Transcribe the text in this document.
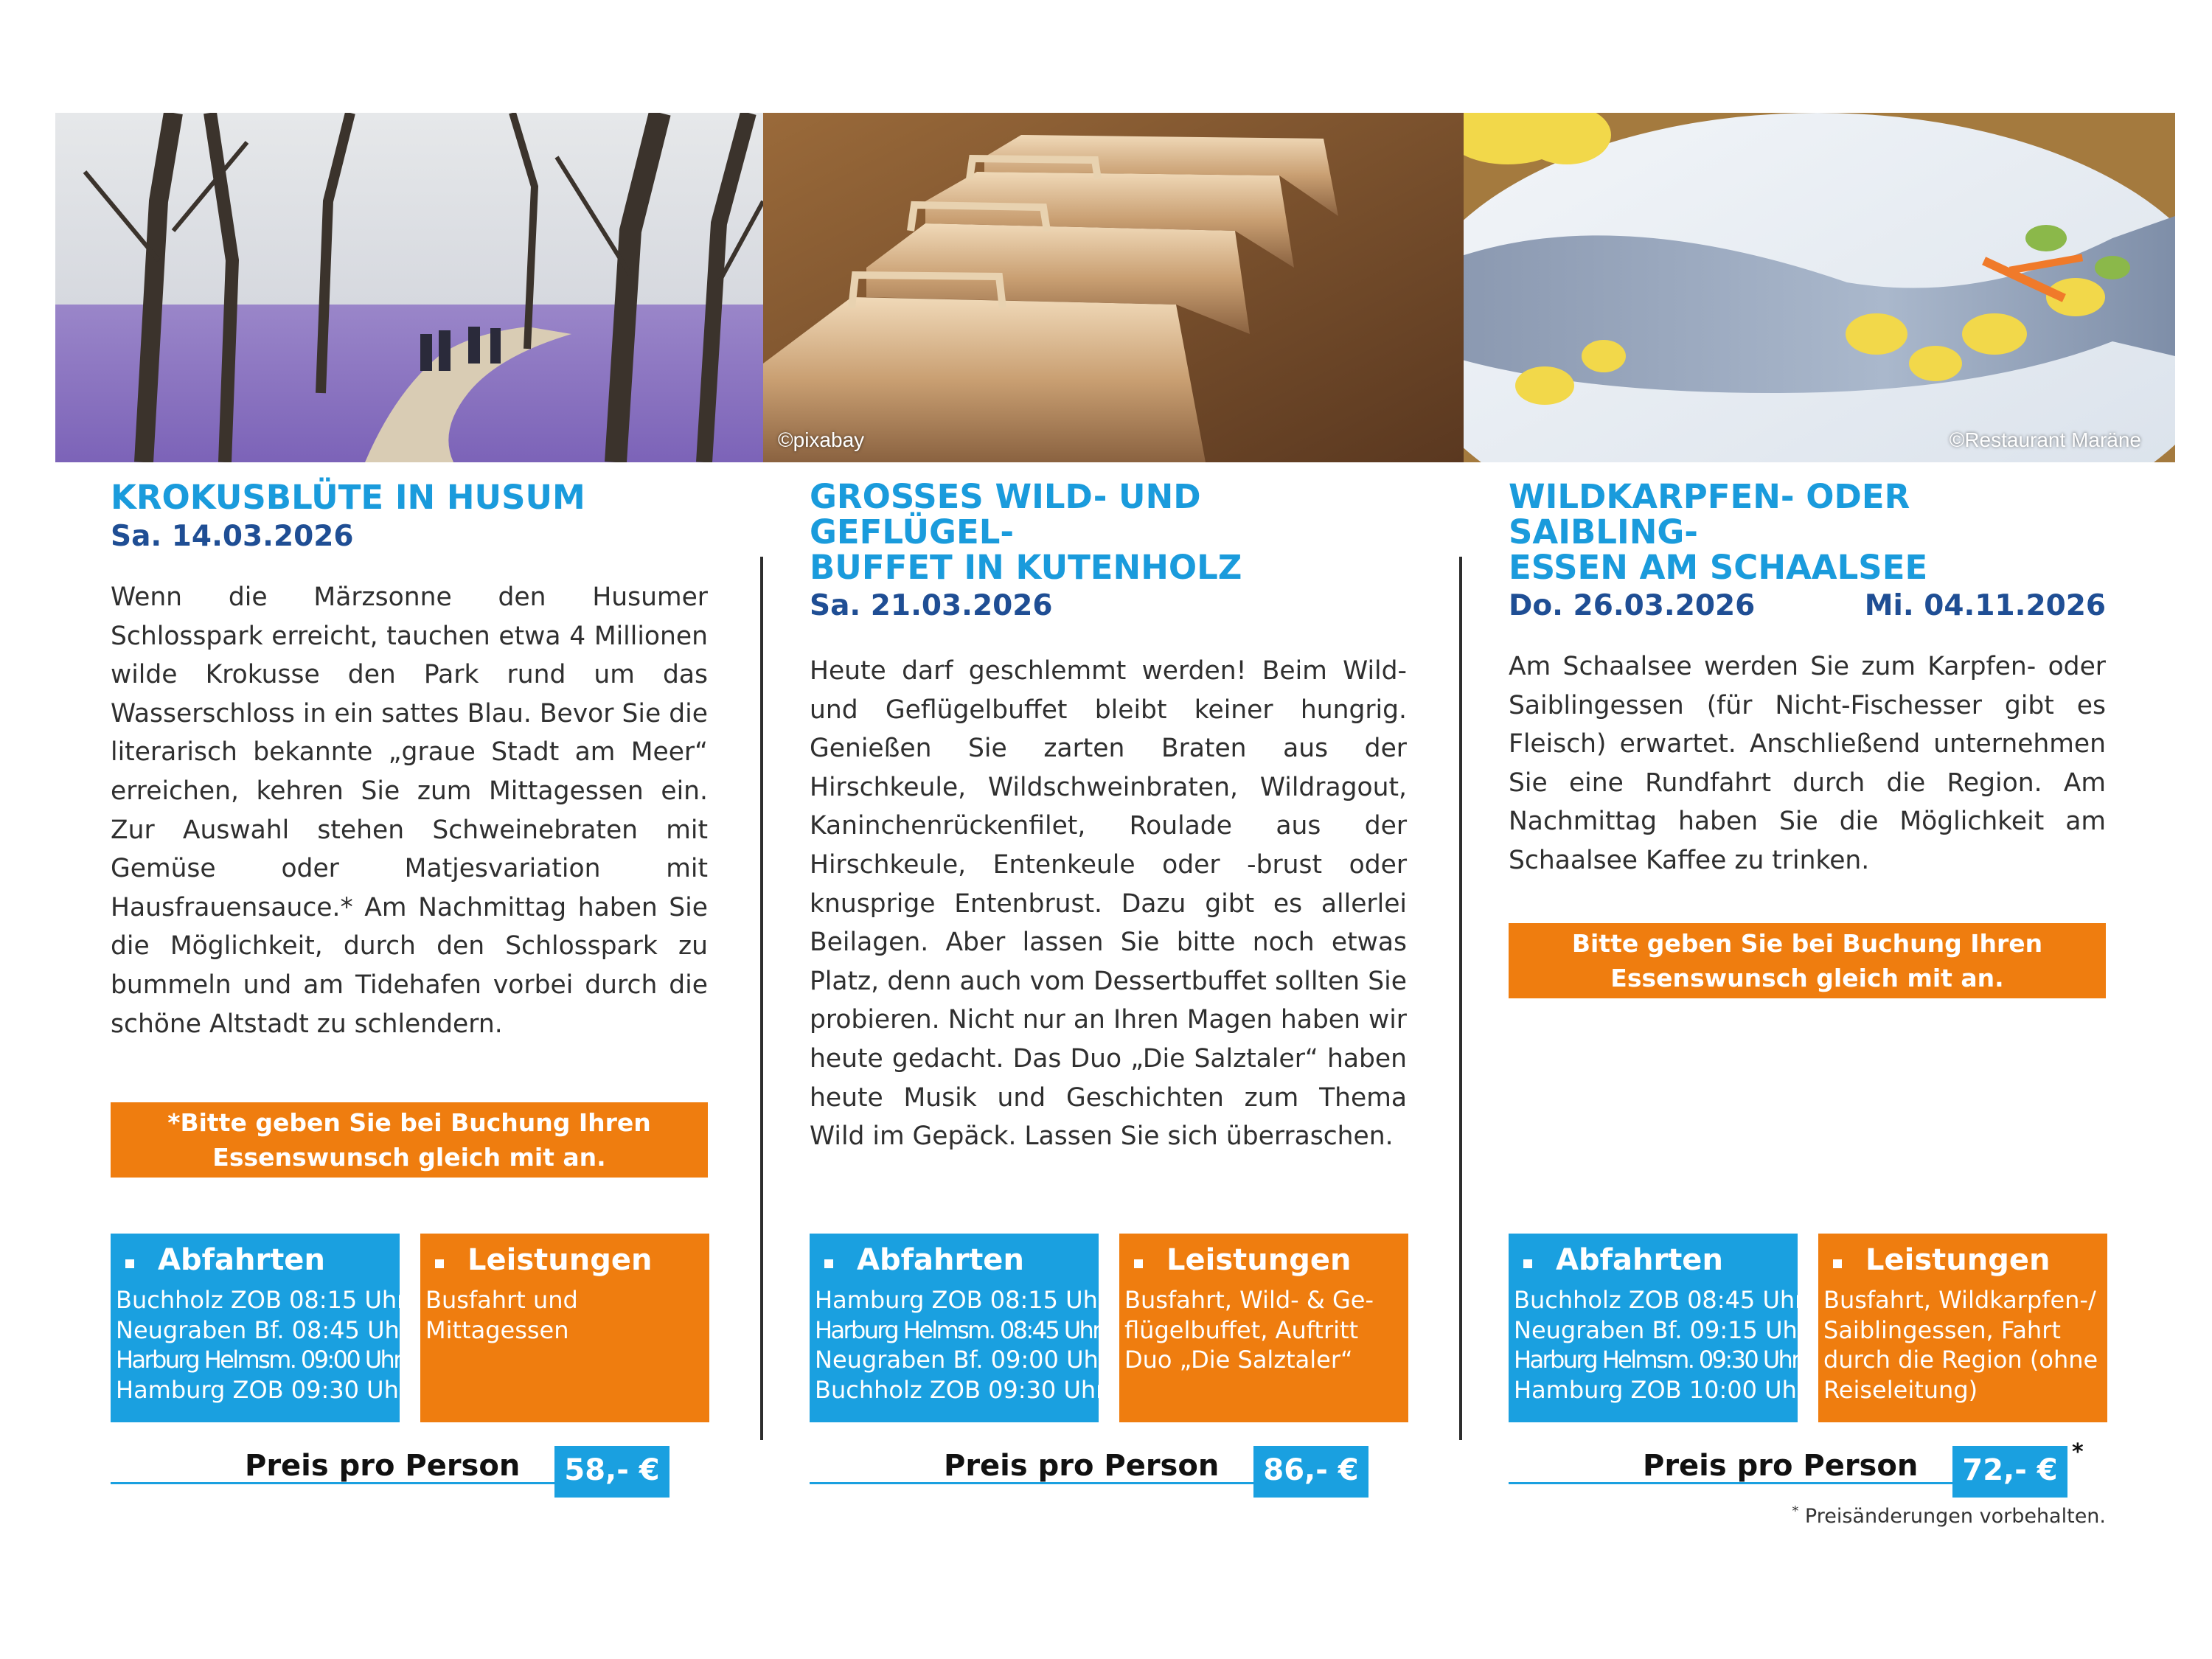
©pixabay	©Restaurant Maräne
KROKUSBLÜTE IN HUSUM
Sa. 14.03.2026
Wenn die Märzsonne den Husumer Schlosspark erreicht, tauchen etwa 4 Millionen wilde Krokusse den Park rund um das Wasserschloss in ein sattes Blau. Bevor Sie die literarisch bekannte „graue Stadt am Meer“ erreichen, kehren Sie zum Mittagessen ein. Zur Auswahl stehen Schweinebraten mit Gemüse oder Matjesvariation mit Hausfrauensauce.* Am Nachmittag haben Sie die Möglichkeit, durch den Schlosspark zu bummeln und am Tidehafen vorbei durch die schöne Altstadt zu schlendern.
*Bitte geben Sie bei Buchung Ihren
Essenswunsch gleich mit an.
GROSSES WILD- UND GEFLÜGEL-
BUFFET IN KUTENHOLZ
Sa. 21.03.2026
Heute darf geschlemmt werden! Beim Wild- und Geflügelbuffet bleibt keiner hungrig. Genießen Sie zarten Braten aus der Hirschkeule, Wildschweinbraten, Wildragout, Kaninchenrückenfilet, Roulade aus der Hirschkeule, Entenkeule oder -brust oder knusprige Entenbrust. Dazu gibt es allerlei Beilagen. Aber lassen Sie bitte noch etwas Platz, denn auch vom Dessertbuffet sollten Sie probieren. Nicht nur an Ihren Magen haben wir heute gedacht. Das Duo „Die Salztaler“ haben heute Musik und Geschichten zum Thema Wild im Gepäck. Lassen Sie sich überraschen.
WILDKARPFEN- ODER SAIBLING-
ESSEN AM SCHAALSEE
Do. 26.03.2026	Mi. 04.11.2026
Am Schaalsee werden Sie zum Karpfen- oder Saiblingessen (für Nicht-Fischesser gibt es Fleisch) erwartet. Anschließend unternehmen Sie eine Rundfahrt durch die Region. Am Nachmittag haben Sie die Möglichkeit am Schaalsee Kaffee zu trinken.
Bitte geben Sie bei Buchung Ihren
Essenswunsch gleich mit an.
Abfahrten
Buchholz ZOB 08:15 Uhr
Neugraben Bf. 08:45 Uhr
Harburg Helmsm. 09:00 Uhr
Hamburg ZOB 09:30 Uhr
Leistungen
Busfahrt und
Mittagessen
Abfahrten
Hamburg ZOB 08:15 Uhr
Harburg Helmsm. 08:45 Uhr
Neugraben Bf. 09:00 Uhr
Buchholz ZOB 09:30 Uhr
Leistungen
Busfahrt, Wild- & Ge-
flügelbuffet, Auftritt
Duo „Die Salztaler“
Abfahrten
Buchholz ZOB 08:45 Uhr
Neugraben Bf. 09:15 Uhr
Harburg Helmsm. 09:30 Uhr
Hamburg ZOB 10:00 Uhr
Leistungen
Busfahrt, Wildkarpfen-/
Saiblingessen, Fahrt
durch die Region (ohne
Reiseleitung)
Preis pro Person	58,- €	Preis pro Person	86,- €	Preis pro Person	72,- €
*
* Preisänderungen vorbehalten.
